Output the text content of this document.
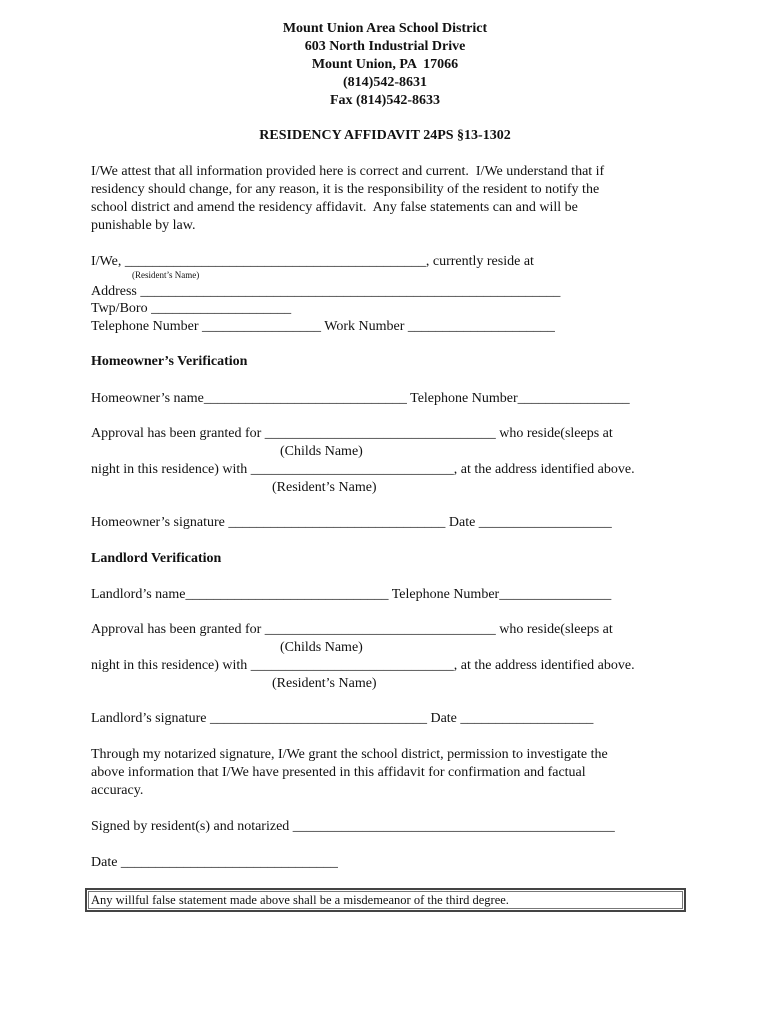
Mount Union Area School District
603 North Industrial Drive
Mount Union, PA  17066
(814)542-8631
Fax (814)542-8633
RESIDENCY AFFIDAVIT 24PS §13-1302
I/We attest that all information provided here is correct and current.  I/We understand that if
residency should change, for any reason, it is the responsibility of the resident to notify the
school district and amend the residency affidavit.  Any false statements can and will be
punishable by law.
I/We, ___________________________________________, currently reside at
(Resident’s Name)
Address ____________________________________________________________
Twp/Boro ____________________
Telephone Number _________________ Work Number _____________________
Homeowner’s Verification
Homeowner’s name_____________________________ Telephone Number________________
Approval has been granted for _________________________________ who reside(sleeps at
(Childs Name)
night in this residence) with _____________________________, at the address identified above.
(Resident’s Name)
Homeowner’s signature _______________________________ Date ___________________
Landlord Verification
Landlord’s name_____________________________ Telephone Number________________
Approval has been granted for _________________________________ who reside(sleeps at
(Childs Name)
night in this residence) with _____________________________, at the address identified above.
(Resident’s Name)
Landlord’s signature _______________________________ Date ___________________
Through my notarized signature, I/We grant the school district, permission to investigate the
above information that I/We have presented in this affidavit for confirmation and factual
accuracy.
Signed by resident(s) and notarized ______________________________________________
Date _______________________________
Any willful false statement made above shall be a misdemeanor of the third degree.
